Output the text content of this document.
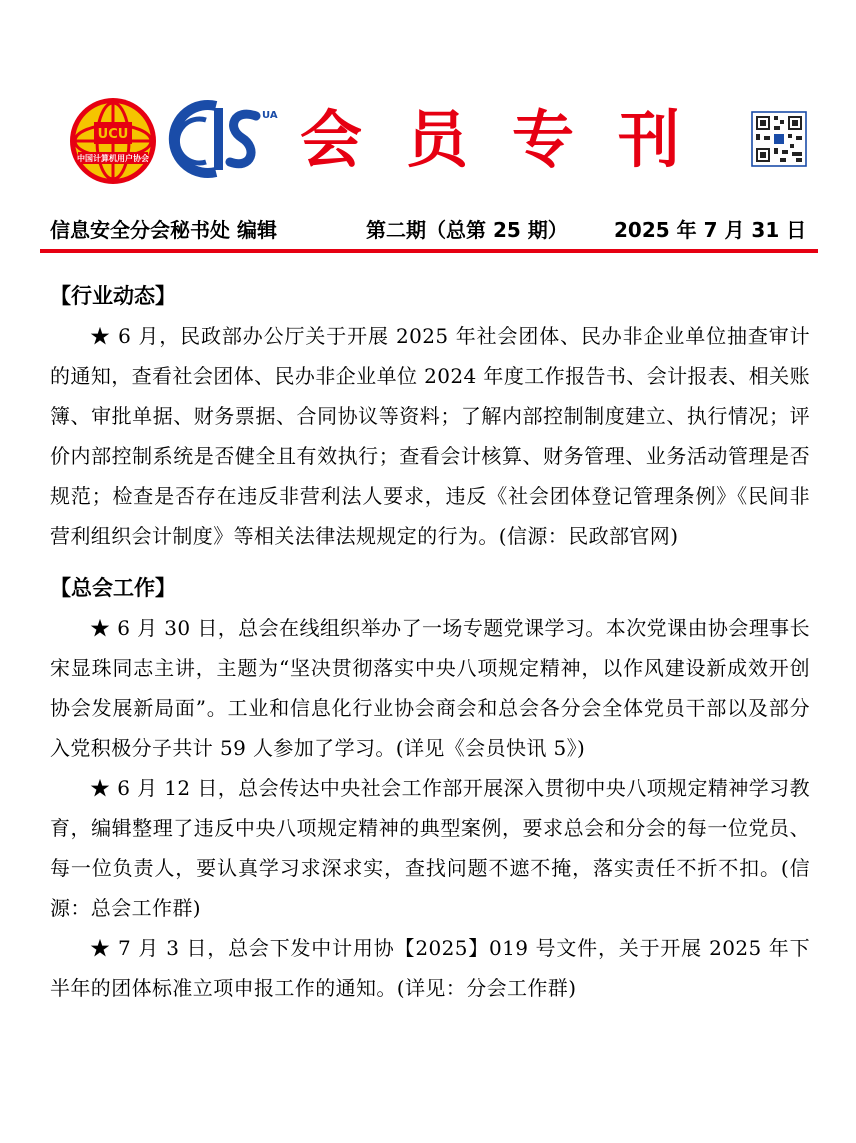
UCU
中国计算机用户协会
UA
IS
会员专刊
信息安全分会秘书处 编辑	第二期（总第 25 期） 2025 年 7 月 31 日
【行业动态】

★ 6 月，民政部办公厅关于开展 2025 年社会团体、民办非企业单位抽查审计的通知，查看社会团体、民办非企业单位 2024 年度工作报告书、会计报表、相关账簿、审批单据、财务票据、合同协议等资料；了解内部控制制度建立、执行情况；评价内部控制系统是否健全且有效执行；查看会计核算、财务管理、业务活动管理是否规范；检查是否存在违反非营利法人要求，违反《社会团体登记管理条例》《民间非营利组织会计制度》等相关法律法规规定的行为。(信源：民政部官网)

【总会工作】

★ 6 月 30 日，总会在线组织举办了一场专题党课学习。本次党课由协会理事长宋显珠同志主讲，主题为“坚决贯彻落实中央八项规定精神，以作风建设新成效开创协会发展新局面”。工业和信息化行业协会商会和总会各分会全体党员干部以及部分入党积极分子共计 59 人参加了学习。(详见《会员快讯 5》)

★ 6 月 12 日，总会传达中央社会工作部开展深入贯彻中央八项规定精神学习教育，编辑整理了违反中央八项规定精神的典型案例，要求总会和分会的每一位党员、每一位负责人，要认真学习求深求实，查找问题不遮不掩，落实责任不折不扣。(信源：总会工作群)

★ 7 月 3 日，总会下发中计用协【2025】019 号文件，关于开展 2025 年下半年的团体标准立项申报工作的通知。(详见：分会工作群)
